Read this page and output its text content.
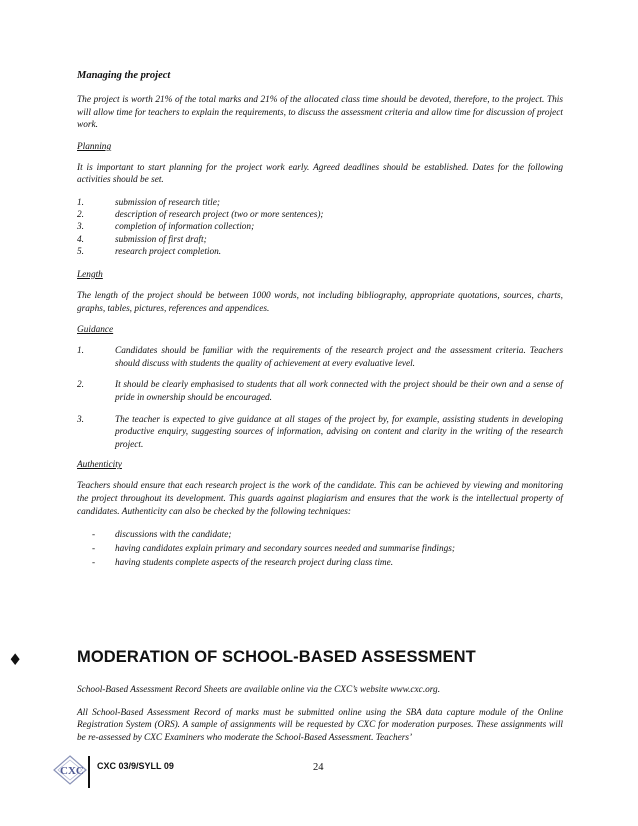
Managing the project

The project is worth 21% of the total marks and 21% of the allocated class time should be devoted, therefore, to the project. This will allow time for teachers to explain the requirements, to discuss the assessment criteria and allow time for discussion of project work.

Planning

It is important to start planning for the project work early. Agreed deadlines should be established. Dates for the following activities should be set.

1.	submission of research title;
2.	description of research project (two or more sentences);
3.	completion of information collection;
4.	submission of first draft;
5.	research project completion.

Length

The length of the project should be between 1000 words, not including bibliography, appropriate quotations, sources, charts, graphs, tables, pictures, references and appendices.

Guidance

1.	Candidates should be familiar with the requirements of the research project and the assessment criteria. Teachers should discuss with students the quality of achievement at every evaluative level.
2.	It should be clearly emphasised to students that all work connected with the project should be their own and a sense of pride in ownership should be encouraged.
3.	The teacher is expected to give guidance at all stages of the project by, for example, assisting students in developing productive enquiry, suggesting sources of information, advising on content and clarity in the writing of the research project.

Authenticity

Teachers should ensure that each research project is the work of the candidate. This can be achieved by viewing and monitoring the project throughout its development. This guards against plagiarism and ensures that the work is the intellectual property of candidates. Authenticity can also be checked by the following techniques:

-	discussions with the candidate;
-	having candidates explain primary and secondary sources needed and summarise findings;
-	having students complete aspects of the research project during class time.
♦	MODERATION OF SCHOOL-BASED ASSESSMENT

School-Based Assessment Record Sheets are available online via the CXC’s website www.cxc.org.

All School-Based Assessment Record of marks must be submitted online using the SBA data capture module of the Online Registration System (ORS). A sample of assignments will be requested by CXC for moderation purposes. These assignments will be re-assessed by CXC Examiners who moderate the School-Based Assessment. Teachers’

CXC CXC 03/9/SYLL 09	24
